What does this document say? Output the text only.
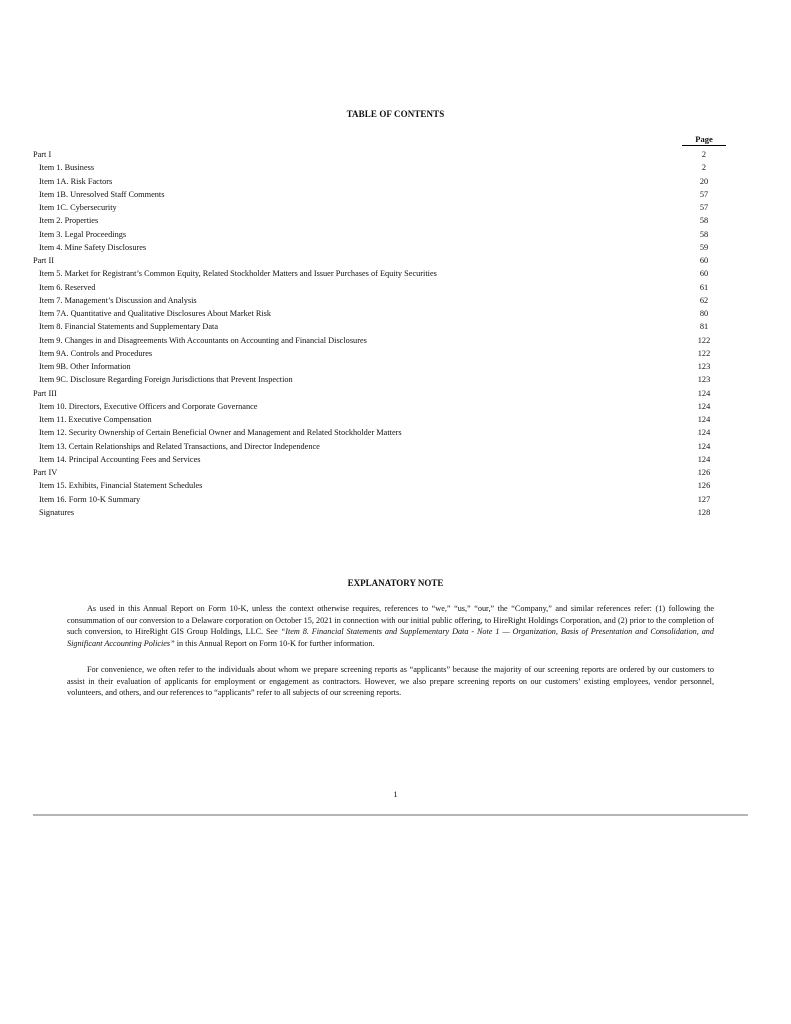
TABLE OF CONTENTS
Page
Part I	2
Item 1. Business	2
Item 1A. Risk Factors	20
Item 1B. Unresolved Staff Comments	57
Item 1C. Cybersecurity	57
Item 2. Properties	58
Item 3. Legal Proceedings	58
Item 4. Mine Safety Disclosures	59
Part II	60
Item 5. Market for Registrant’s Common Equity, Related Stockholder Matters and Issuer Purchases of Equity Securities	60
Item 6. Reserved	61
Item 7. Management’s Discussion and Analysis	62
Item 7A. Quantitative and Qualitative Disclosures About Market Risk	80
Item 8. Financial Statements and Supplementary Data	81
Item 9. Changes in and Disagreements With Accountants on Accounting and Financial Disclosures	122
Item 9A. Controls and Procedures	122
Item 9B. Other Information	123
Item 9C. Disclosure Regarding Foreign Jurisdictions that Prevent Inspection	123
Part III	124
Item 10. Directors, Executive Officers and Corporate Governance	124
Item 11. Executive Compensation	124
Item 12. Security Ownership of Certain Beneficial Owner and Management and Related Stockholder Matters	124
Item 13. Certain Relationships and Related Transactions, and Director Independence	124
Item 14. Principal Accounting Fees and Services	124
Part IV	126
Item 15. Exhibits, Financial Statement Schedules	126
Item 16. Form 10-K Summary	127
Signatures	128
EXPLANATORY NOTE

As used in this Annual Report on Form 10-K, unless the context otherwise requires, references to “we,” “us,” “our,” the “Company,” and similar references refer: (1) following the consummation of our conversion to a Delaware corporation on October 15, 2021 in connection with our initial public offering, to HireRight Holdings Corporation, and (2) prior to the completion of such conversion, to HireRight GIS Group Holdings, LLC. See “Item 8. Financial Statements and Supplementary Data - Note 1 — Organization, Basis of Presentation and Consolidation, and Significant Accounting Policies” in this Annual Report on Form 10-K for further information.

For convenience, we often refer to the individuals about whom we prepare screening reports as “applicants” because the majority of our screening reports are ordered by our customers to assist in their evaluation of applicants for employment or engagement as contractors. However, we also prepare screening reports on our customers’ existing employees, vendor personnel, volunteers, and others, and our references to “applicants” refer to all subjects of our screening reports.

1
